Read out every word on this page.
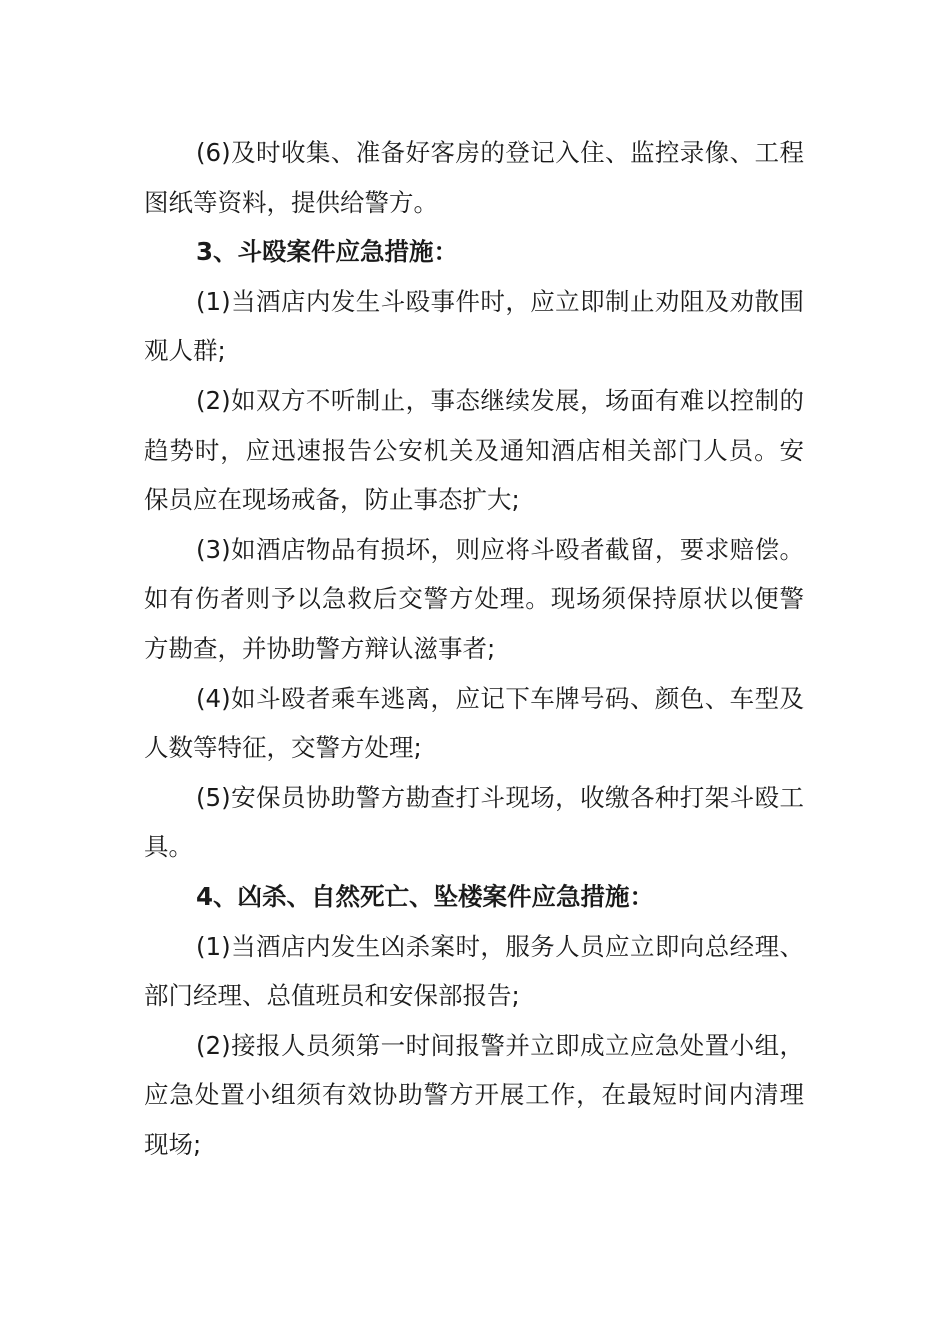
(6)及时收集、准备好客房的登记入住、监控录像、工程图纸等资料，提供给警方。

3、斗殴案件应急措施：

(1)当酒店内发生斗殴事件时，应立即制止劝阻及劝散围观人群;

(2)如双方不听制止，事态继续发展，场面有难以控制的趋势时，应迅速报告公安机关及通知酒店相关部门人员。安保员应在现场戒备，防止事态扩大;

(3)如酒店物品有损坏，则应将斗殴者截留，要求赔偿。如有伤者则予以急救后交警方处理。现场须保持原状以便警方勘查，并协助警方辩认滋事者;

(4)如斗殴者乘车逃离，应记下车牌号码、颜色、车型及人数等特征，交警方处理;

(5)安保员协助警方勘查打斗现场，收缴各种打架斗殴工具。

4、凶杀、自然死亡、坠楼案件应急措施：

(1)当酒店内发生凶杀案时，服务人员应立即向总经理、部门经理、总值班员和安保部报告;

(2)接报人员须第一时间报警并立即成立应急处置小组，应急处置小组须有效协助警方开展工作，在最短时间内清理现场;
